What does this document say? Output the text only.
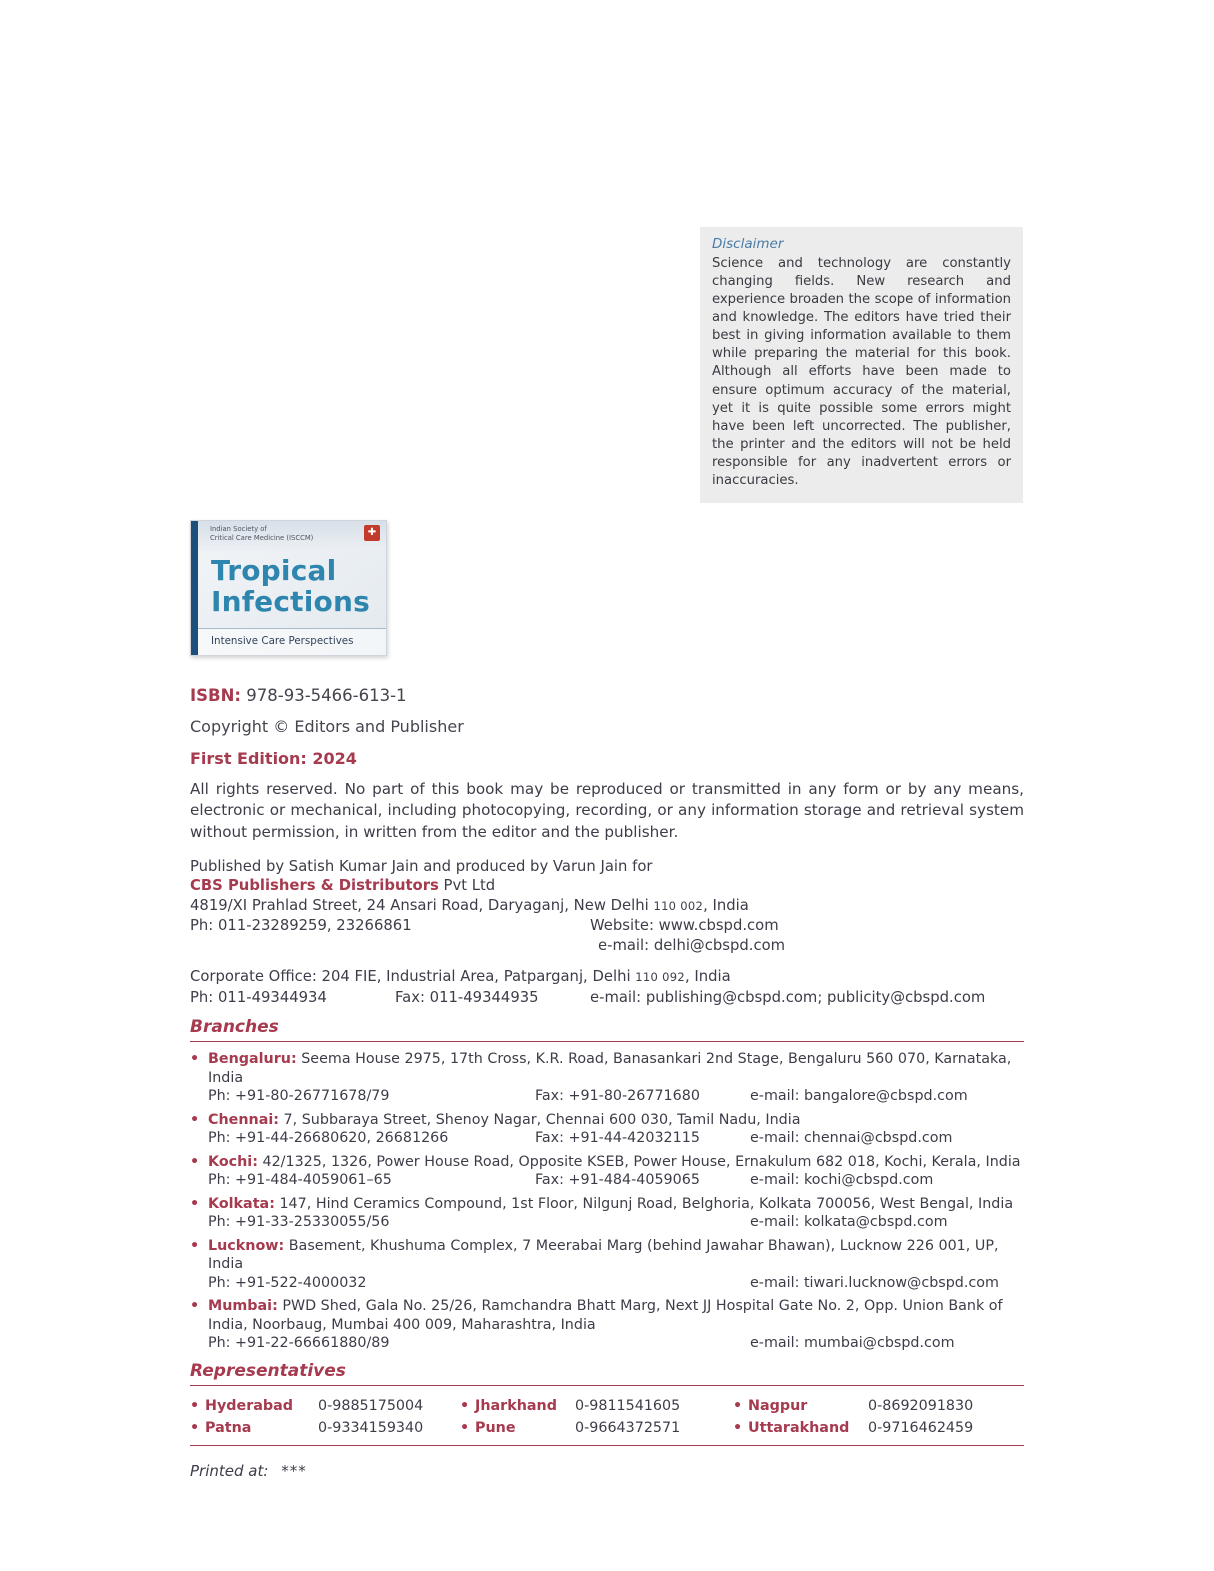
Disclaimer

Science and technology are constantly changing fields. New research and experience broaden the scope of information and knowledge. The editors have tried their best in giving information available to them while preparing the material for this book. Although all efforts have been made to ensure optimum accuracy of the material, yet it is quite possible some errors might have been left uncorrected. The publisher, the printer and the editors will not be held responsible for any inadvertent errors or inaccuracies.

Indian Society of
Critical Care Medicine (ISCCM)	✚
Tropical
Infections
Intensive Care Perspectives

ISBN: 978-93-5466-613-1

Copyright © Editors and Publisher

First Edition: 2024

All rights reserved. No part of this book may be reproduced or transmitted in any form or by any means, electronic or mechanical, including photocopying, recording, or any information storage and retrieval system without permission, in written from the editor and the publisher.

Published by Satish Kumar Jain and produced by Varun Jain for

CBS Publishers & Distributors Pvt Ltd

4819/XI Prahlad Street, 24 Ansari Road, Daryaganj, New Delhi 110 002, India

Ph: 011-23289259, 23266861	Website: www.cbspd.com

e-mail: delhi@cbspd.com

Corporate Office: 204 FIE, Industrial Area, Patparganj, Delhi 110 092, India

Ph: 011-49344934	Fax: 011-49344935	e-mail: publishing@cbspd.com; publicity@cbspd.com

Branches

• Bengaluru: Seema House 2975, 17th Cross, K.R. Road, Banasankari 2nd Stage, Bengaluru 560 070, Karnataka, India

Ph: +91-80-26771678/79	Fax: +91-80-26771680	e-mail: bangalore@cbspd.com

• Chennai: 7, Subbaraya Street, Shenoy Nagar, Chennai 600 030, Tamil Nadu, India

Ph: +91-44-26680620, 26681266	Fax: +91-44-42032115	e-mail: chennai@cbspd.com

• Kochi: 42/1325, 1326, Power House Road, Opposite KSEB, Power House, Ernakulum 682 018, Kochi, Kerala, India

Ph: +91-484-4059061–65	Fax: +91-484-4059065	e-mail: kochi@cbspd.com

• Kolkata: 147, Hind Ceramics Compound, 1st Floor, Nilgunj Road, Belghoria, Kolkata 700056, West Bengal, India

Ph: +91-33-25330055/56	e-mail: kolkata@cbspd.com

• Lucknow: Basement, Khushuma Complex, 7 Meerabai Marg (behind Jawahar Bhawan), Lucknow 226 001, UP, India

Ph: +91-522-4000032	e-mail: tiwari.lucknow@cbspd.com

• Mumbai: PWD Shed, Gala No. 25/26, Ramchandra Bhatt Marg, Next JJ Hospital Gate No. 2, Opp. Union Bank of India, Noorbaug, Mumbai 400 009, Maharashtra, India

Ph: +91-22-66661880/89	e-mail: mumbai@cbspd.com

Representatives
• Hyderabad	0-9885175004	• Jharkhand	0-9811541605	• Nagpur	0-8692091830
• Patna	0-9334159340	• Pune	0-9664372571	• Uttarakhand	0-9716462459

Printed at: ***
